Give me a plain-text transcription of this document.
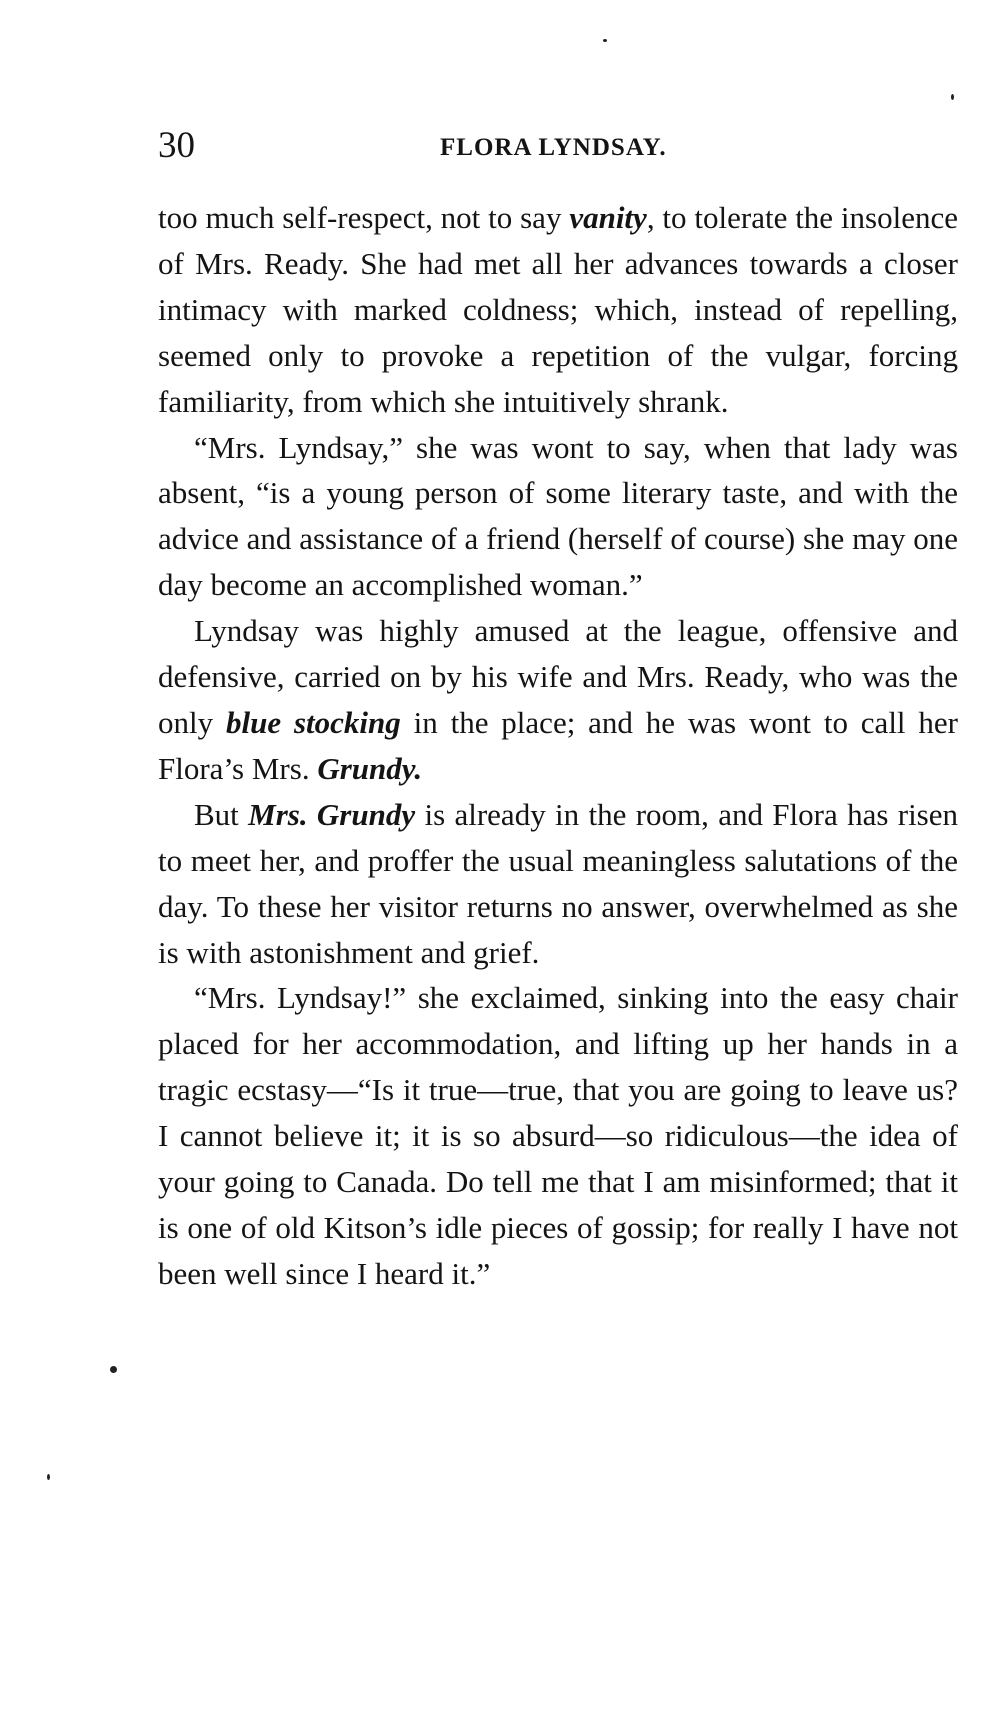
30	FLORA LYNDSAY.

too much self-respect, not to say vanity, to tolerate the insolence of Mrs. Ready. She had met all her advances towards a closer intimacy with marked coldness; which, instead of repelling, seemed only to provoke a repetition of the vulgar, forcing familiarity, from which she intuitively shrank.

“Mrs. Lyndsay,” she was wont to say, when that lady was absent, “is a young person of some literary taste, and with the advice and assistance of a friend (herself of course) she may one day become an accomplished woman.”

Lyndsay was highly amused at the league, offensive and defensive, carried on by his wife and Mrs. Ready, who was the only blue stocking in the place; and he was wont to call her Flora’s Mrs. Grundy.

But Mrs. Grundy is already in the room, and Flora has risen to meet her, and proffer the usual meaningless salutations of the day. To these her visitor returns no answer, overwhelmed as she is with astonishment and grief.

“Mrs. Lyndsay!” she exclaimed, sinking into the easy chair placed for her accommodation, and lifting up her hands in a tragic ecstasy—“Is it true—true, that you are going to leave us? I cannot believe it; it is so absurd—so ridiculous—the idea of your going to Canada. Do tell me that I am misinformed; that it is one of old Kitson’s idle pieces of gossip; for really I have not been well since I heard it.”
